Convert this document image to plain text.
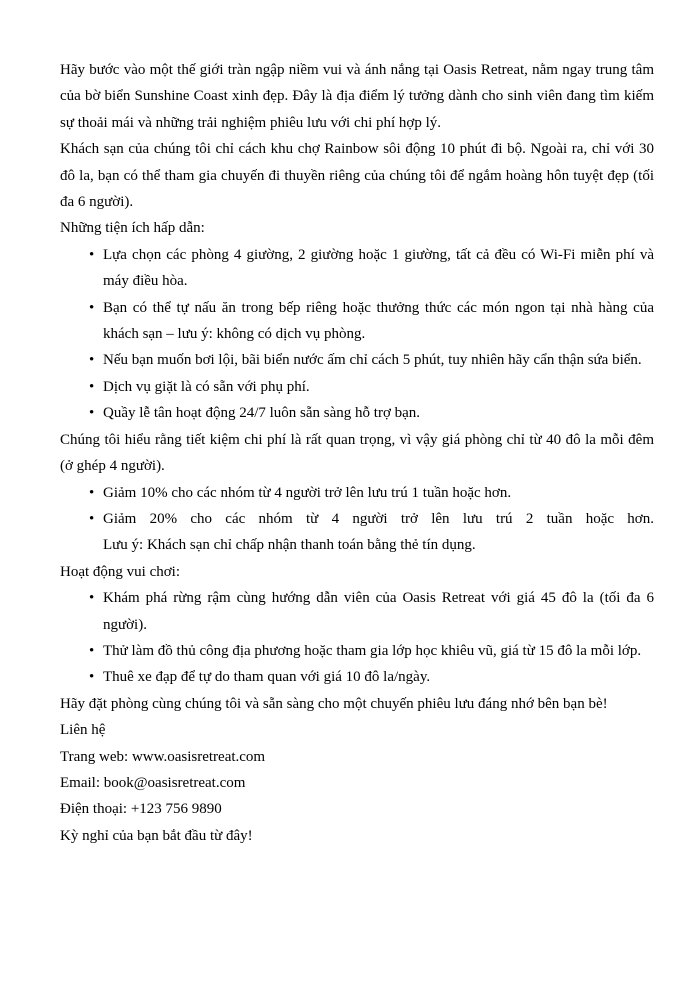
Hãy bước vào một thế giới tràn ngập niềm vui và ánh nắng tại Oasis Retreat, nằm ngay trung tâm của bờ biển Sunshine Coast xinh đẹp. Đây là địa điểm lý tưởng dành cho sinh viên đang tìm kiếm sự thoải mái và những trải nghiệm phiêu lưu với chi phí hợp lý.

Khách sạn của chúng tôi chỉ cách khu chợ Rainbow sôi động 10 phút đi bộ. Ngoài ra, chỉ với 30 đô la, bạn có thể tham gia chuyến đi thuyền riêng của chúng tôi để ngắm hoàng hôn tuyệt đẹp (tối đa 6 người).

Những tiện ích hấp dẫn:

• Lựa chọn các phòng 4 giường, 2 giường hoặc 1 giường, tất cả đều có Wi-Fi miễn phí và máy điều hòa.

• Bạn có thể tự nấu ăn trong bếp riêng hoặc thưởng thức các món ngon tại nhà hàng của khách sạn – lưu ý: không có dịch vụ phòng.

• Nếu bạn muốn bơi lội, bãi biển nước ấm chỉ cách 5 phút, tuy nhiên hãy cẩn thận sứa biển.

• Dịch vụ giặt là có sẵn với phụ phí.

• Quầy lễ tân hoạt động 24/7 luôn sẵn sàng hỗ trợ bạn.

Chúng tôi hiểu rằng tiết kiệm chi phí là rất quan trọng, vì vậy giá phòng chỉ từ 40 đô la mỗi đêm (ở ghép 4 người).

• Giảm 10% cho các nhóm từ 4 người trở lên lưu trú 1 tuần hoặc hơn.

• Giảm 20% cho các nhóm từ 4 người trở lên lưu trú 2 tuần hoặc hơn.

Lưu ý: Khách sạn chỉ chấp nhận thanh toán bằng thẻ tín dụng.

Hoạt động vui chơi:

• Khám phá rừng rậm cùng hướng dẫn viên của Oasis Retreat với giá 45 đô la (tối đa 6 người).

• Thử làm đồ thủ công địa phương hoặc tham gia lớp học khiêu vũ, giá từ 15 đô la mỗi lớp.

• Thuê xe đạp để tự do tham quan với giá 10 đô la/ngày.

Hãy đặt phòng cùng chúng tôi và sẵn sàng cho một chuyến phiêu lưu đáng nhớ bên bạn bè!

Liên hệ

Trang web: www.oasisretreat.com

Email: book@oasisretreat.com

Điện thoại: +123 756 9890

Kỳ nghỉ của bạn bắt đầu từ đây!
